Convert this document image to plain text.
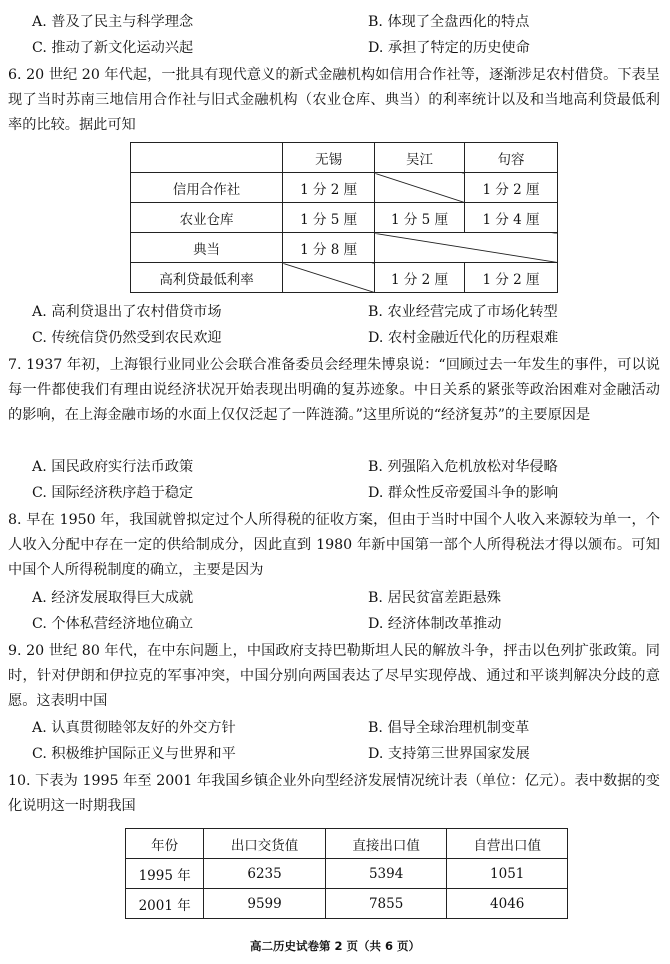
A. 普及了民主与科学理念	B. 体现了全盘西化的特点
C. 推动了新文化运动兴起	D. 承担了特定的历史使命
6. 20 世纪 20 年代起，一批具有现代意义的新式金融机构如信用合作社等，逐渐涉足农村借贷。下表呈现了当时苏南三地信用合作社与旧式金融机构（农业仓库、典当）的利率统计以及和当地高利贷最低利率的比较。据此可知
	无锡	吴江	句容
信用合作社	1 分 2 厘		1 分 2 厘
农业仓库	1 分 5 厘	1 分 5 厘	1 分 4 厘
典当	1 分 8 厘		
高利贷最低利率		1 分 2 厘	1 分 2 厘
A. 高利贷退出了农村借贷市场	B. 农业经营完成了市场化转型
C. 传统信贷仍然受到农民欢迎	D. 农村金融近代化的历程艰难
7. 1937 年初，上海银行业同业公会联合准备委员会经理朱博泉说：“回顾过去一年发生的事件，可以说每一件都使我们有理由说经济状况开始表现出明确的复苏迹象。中日关系的紧张等政治困难对金融活动的影响，在上海金融市场的水面上仅仅泛起了一阵涟漪。”这里所说的“经济复苏”的主要原因是
A. 国民政府实行法币政策	B. 列强陷入危机放松对华侵略
C. 国际经济秩序趋于稳定	D. 群众性反帝爱国斗争的影响
8. 早在 1950 年，我国就曾拟定过个人所得税的征收方案，但由于当时中国个人收入来源较为单一，个人收入分配中存在一定的供给制成分，因此直到 1980 年新中国第一部个人所得税法才得以颁布。可知中国个人所得税制度的确立，主要是因为
A. 经济发展取得巨大成就	B. 居民贫富差距悬殊
C. 个体私营经济地位确立	D. 经济体制改革推动
9. 20 世纪 80 年代，在中东问题上，中国政府支持巴勒斯坦人民的解放斗争，抨击以色列扩张政策。同时，针对伊朗和伊拉克的军事冲突，中国分别向两国表达了尽早实现停战、通过和平谈判解决分歧的意愿。这表明中国
A. 认真贯彻睦邻友好的外交方针	B. 倡导全球治理机制变革
C. 积极维护国际正义与世界和平	D. 支持第三世界国家发展
10. 下表为 1995 年至 2001 年我国乡镇企业外向型经济发展情况统计表（单位：亿元）。表中数据的变化说明这一时期我国
年份	出口交货值	直接出口值	自营出口值
1995 年	6235	5394	1051
2001 年	9599	7855	4046
高二历史试卷第 2 页（共 6 页）
